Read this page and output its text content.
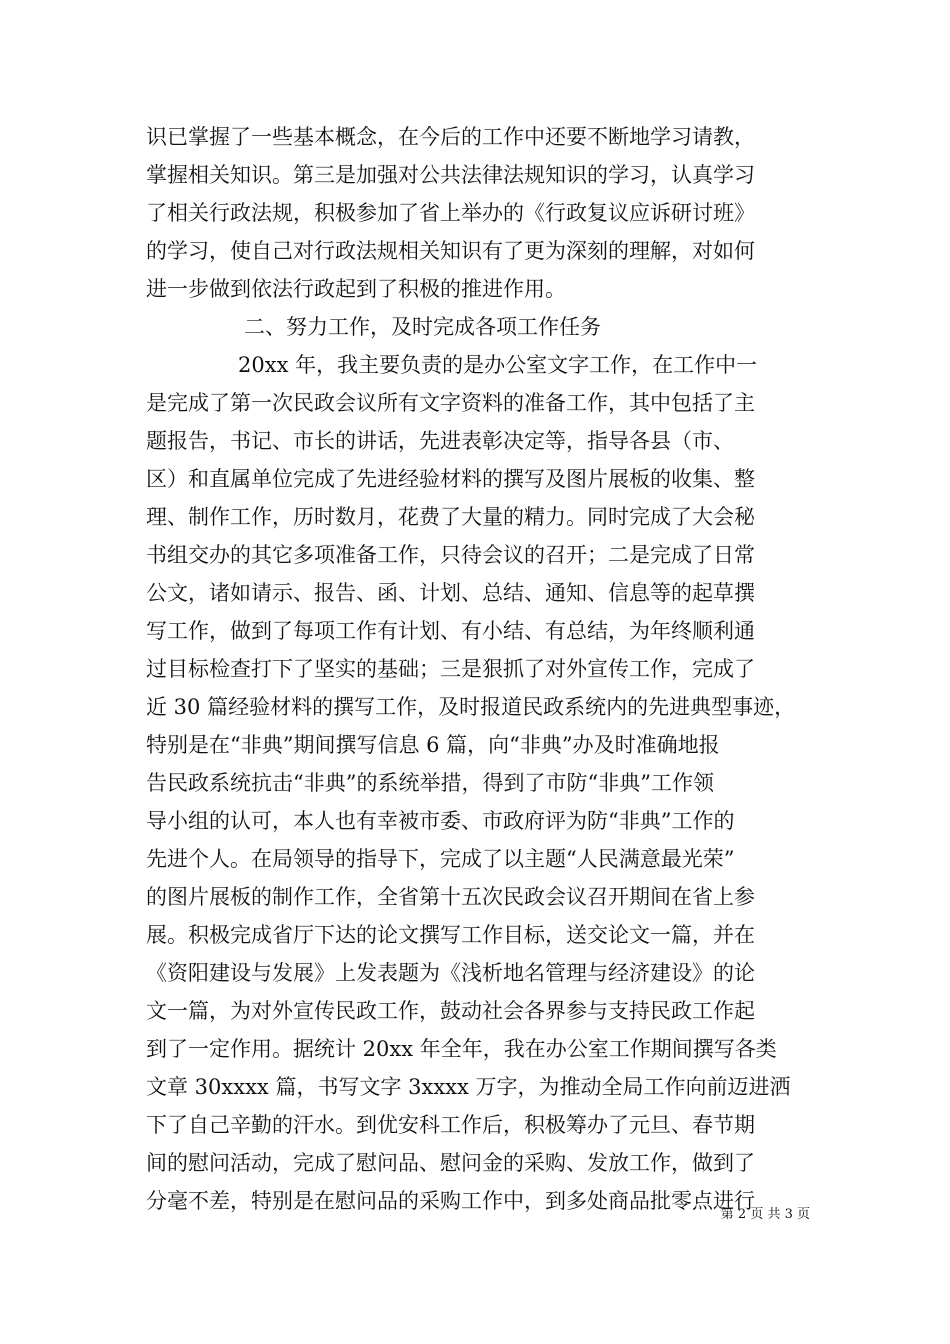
识已掌握了一些基本概念，在今后的工作中还要不断地学习请教，
掌握相关知识。第三是加强对公共法律法规知识的学习，认真学习
了相关行政法规，积极参加了省上举办的《行政复议应诉研讨班》
的学习，使自己对行政法规相关知识有了更为深刻的理解，对如何
进一步做到依法行政起到了积极的推进作用。
二、努力工作，及时完成各项工作任务
20xx 年，我主要负责的是办公室文字工作，在工作中一
是完成了第一次民政会议所有文字资料的准备工作，其中包括了主
题报告，书记、市长的讲话，先进表彰决定等，指导各县（市、
区）和直属单位完成了先进经验材料的撰写及图片展板的收集、整
理、制作工作，历时数月，花费了大量的精力。同时完成了大会秘
书组交办的其它多项准备工作，只待会议的召开；二是完成了日常
公文，诸如请示、报告、函、计划、总结、通知、信息等的起草撰
写工作，做到了每项工作有计划、有小结、有总结，为年终顺利通
过目标检查打下了坚实的基础；三是狠抓了对外宣传工作，完成了
近 30 篇经验材料的撰写工作，及时报道民政系统内的先进典型事迹，
特别是在“非典”期间撰写信息 6 篇，向“非典”办及时准确地报
告民政系统抗击“非典”的系统举措，得到了市防“非典”工作领
导小组的认可，本人也有幸被市委、市政府评为防“非典”工作的
先进个人。在局领导的指导下，完成了以主题“人民满意最光荣”
的图片展板的制作工作，全省第十五次民政会议召开期间在省上参
展。积极完成省厅下达的论文撰写工作目标，送交论文一篇，并在
《资阳建设与发展》上发表题为《浅析地名管理与经济建设》的论
文一篇，为对外宣传民政工作，鼓动社会各界参与支持民政工作起
到了一定作用。据统计 20xx 年全年，我在办公室工作期间撰写各类
文章 30xxxx 篇，书写文字 3xxxx 万字，为推动全局工作向前迈进洒
下了自己辛勤的汗水。到优安科工作后，积极筹办了元旦、春节期
间的慰问活动，完成了慰问品、慰问金的采购、发放工作，做到了
分毫不差，特别是在慰问品的采购工作中，到多处商品批零点进行
第 2 页 共 3 页
